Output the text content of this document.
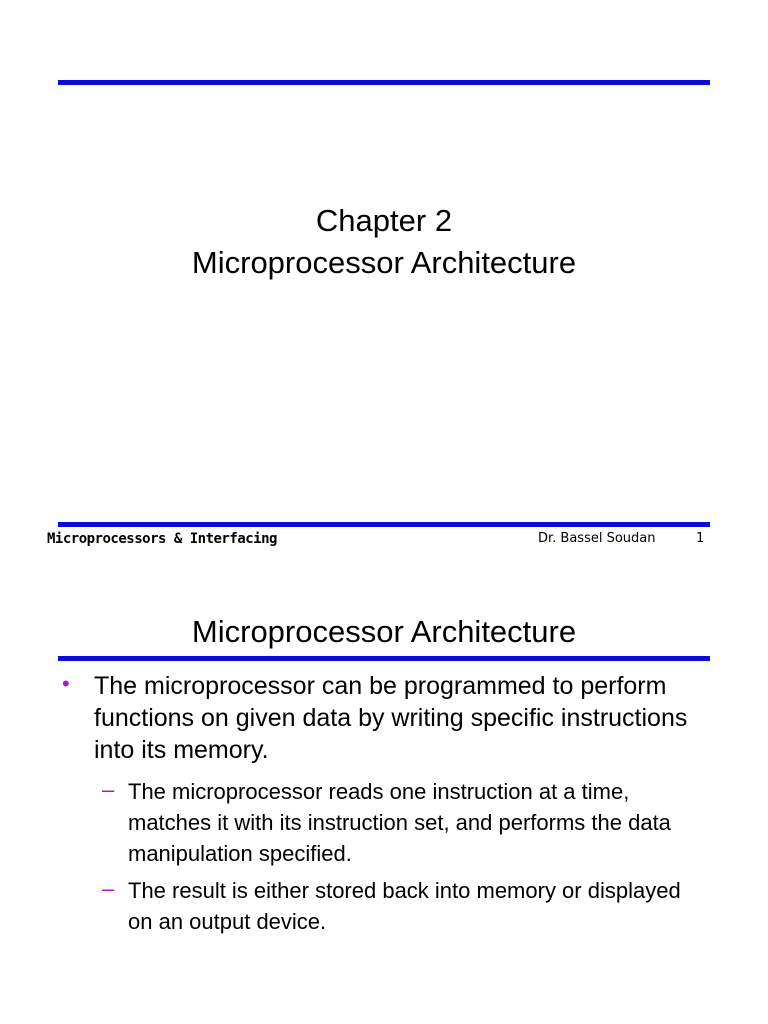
Chapter 2
Microprocessor Architecture
Microprocessors & Interfacing	Dr. Bassel Soudan	1
Microprocessor Architecture
• The microprocessor can be programmed to perform functions on given data by writing specific instructions into its memory.
– The microprocessor reads one instruction at a time, matches it with its instruction set, and performs the data manipulation specified.
– The result is either stored back into memory or displayed on an output device.
